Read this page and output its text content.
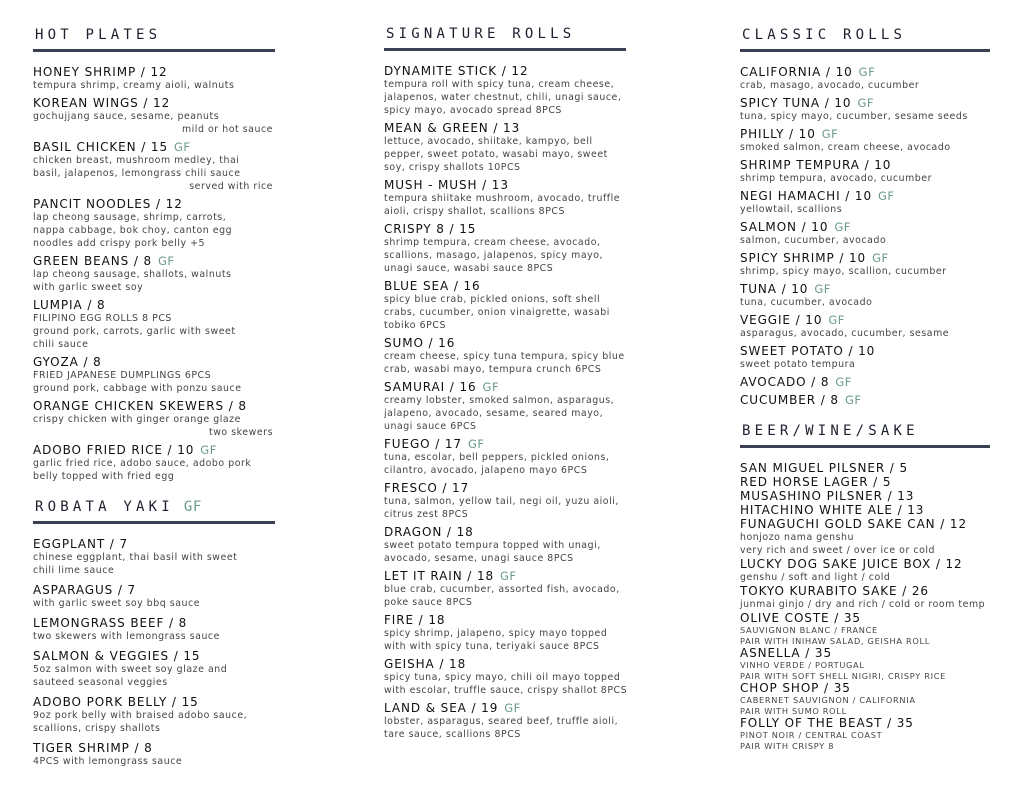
HOT PLATES
HONEY SHRIMP / 12
tempura shrimp, creamy aioli, walnuts
KOREAN WINGS / 12
gochujjang sauce, sesame, peanuts
mild or hot sauce
BASIL CHICKEN / 15 GF
chicken breast, mushroom medley, thai
basil, jalapenos, lemongrass chili sauce
served with rice
PANCIT NOODLES / 12
lap cheong sausage, shrimp, carrots,
nappa cabbage, bok choy, canton egg
noodles add crispy pork belly +5
GREEN BEANS / 8 GF
lap cheong sausage, shallots, walnuts
with garlic sweet soy
LUMPIA / 8
FILIPINO EGG ROLLS 8 PCS
ground pork, carrots, garlic with sweet
chili sauce
GYOZA / 8
FRIED JAPANESE DUMPLINGS 6PCS
ground pork, cabbage with ponzu sauce
ORANGE CHICKEN SKEWERS / 8
crispy chicken with ginger orange glaze
two skewers
ADOBO FRIED RICE / 10 GF
garlic fried rice, adobo sauce, adobo pork
belly topped with fried egg
ROBATA YAKI GF
EGGPLANT / 7
chinese eggplant, thai basil with sweet
chili lime sauce
ASPARAGUS / 7
with garlic sweet soy bbq sauce
LEMONGRASS BEEF / 8
two skewers with lemongrass sauce
SALMON & VEGGIES / 15
5oz salmon with sweet soy glaze and
sauteed seasonal veggies
ADOBO PORK BELLY / 15
9oz pork belly with braised adobo sauce,
scallions, crispy shallots
TIGER SHRIMP / 8
4PCS with lemongrass sauce
SIGNATURE ROLLS
DYNAMITE STICK / 12
tempura roll with spicy tuna, cream cheese,
jalapenos, water chestnut, chili, unagi sauce,
spicy mayo, avocado spread 8PCS
MEAN & GREEN / 13
lettuce, avocado, shiitake, kampyo, bell
pepper, sweet potato, wasabi mayo, sweet
soy, crispy shallots 10PCS
MUSH - MUSH / 13
tempura shiitake mushroom, avocado, truffle
aioli, crispy shallot, scallions 8PCS
CRISPY 8 / 15
shrimp tempura, cream cheese, avocado,
scallions, masago, jalapenos, spicy mayo,
unagi sauce, wasabi sauce 8PCS
BLUE SEA / 16
spicy blue crab, pickled onions, soft shell
crabs, cucumber, onion vinaigrette, wasabi
tobiko 6PCS
SUMO / 16
cream cheese, spicy tuna tempura, spicy blue
crab, wasabi mayo, tempura crunch 6PCS
SAMURAI / 16 GF
creamy lobster, smoked salmon, asparagus,
jalapeno, avocado, sesame, seared mayo,
unagi sauce 6PCS
FUEGO / 17 GF
tuna, escolar, bell peppers, pickled onions,
cilantro, avocado, jalapeno mayo 6PCS
FRESCO / 17
tuna, salmon, yellow tail, negi oil, yuzu aioli,
citrus zest 8PCS
DRAGON / 18
sweet potato tempura topped with unagi,
avocado, sesame, unagi sauce 8PCS
LET IT RAIN / 18 GF
blue crab, cucumber, assorted fish, avocado,
poke sauce 8PCS
FIRE / 18
spicy shrimp, jalapeno, spicy mayo topped
with with spicy tuna, teriyaki sauce 8PCS
GEISHA / 18
spicy tuna, spicy mayo, chili oil mayo topped
with escolar, truffle sauce, crispy shallot 8PCS
LAND & SEA / 19 GF
lobster, asparagus, seared beef, truffle aioli,
tare sauce, scallions 8PCS
CLASSIC ROLLS
CALIFORNIA / 10 GF
crab, masago, avocado, cucumber
SPICY TUNA / 10 GF
tuna, spicy mayo, cucumber, sesame seeds
PHILLY / 10 GF
smoked salmon, cream cheese, avocado
SHRIMP TEMPURA / 10
shrimp tempura, avocado, cucumber
NEGI HAMACHI / 10 GF
yellowtail, scallions
SALMON / 10 GF
salmon, cucumber, avocado
SPICY SHRIMP / 10 GF
shrimp, spicy mayo, scallion, cucumber
TUNA / 10 GF
tuna, cucumber, avocado
VEGGIE / 10 GF
asparagus, avocado, cucumber, sesame
SWEET POTATO / 10
sweet potato tempura
AVOCADO / 8 GF
CUCUMBER / 8 GF
BEER/WINE/SAKE
SAN MIGUEL PILSNER / 5
RED HORSE LAGER / 5
MUSASHINO PILSNER / 13
HITACHINO WHITE ALE / 13
FUNAGUCHI GOLD SAKE CAN / 12
honjozo nama genshu
very rich and sweet / over ice or cold
LUCKY DOG SAKE JUICE BOX / 12
genshu / soft and light / cold
TOKYO KURABITO SAKE / 26
junmai ginjo / dry and rich / cold or room temp
OLIVE COSTE / 35
SAUVIGNON BLANC / FRANCE
PAIR WITH INIHAW SALAD, GEISHA ROLL
ASNELLA / 35
VINHO VERDE / PORTUGAL
PAIR WITH SOFT SHELL NIGIRI, CRISPY RICE
CHOP SHOP / 35
CABERNET SAUVIGNON / CALIFORNIA
PAIR WITH SUMO ROLL
FOLLY OF THE BEAST / 35
PINOT NOIR / CENTRAL COAST
PAIR WITH CRISPY 8
